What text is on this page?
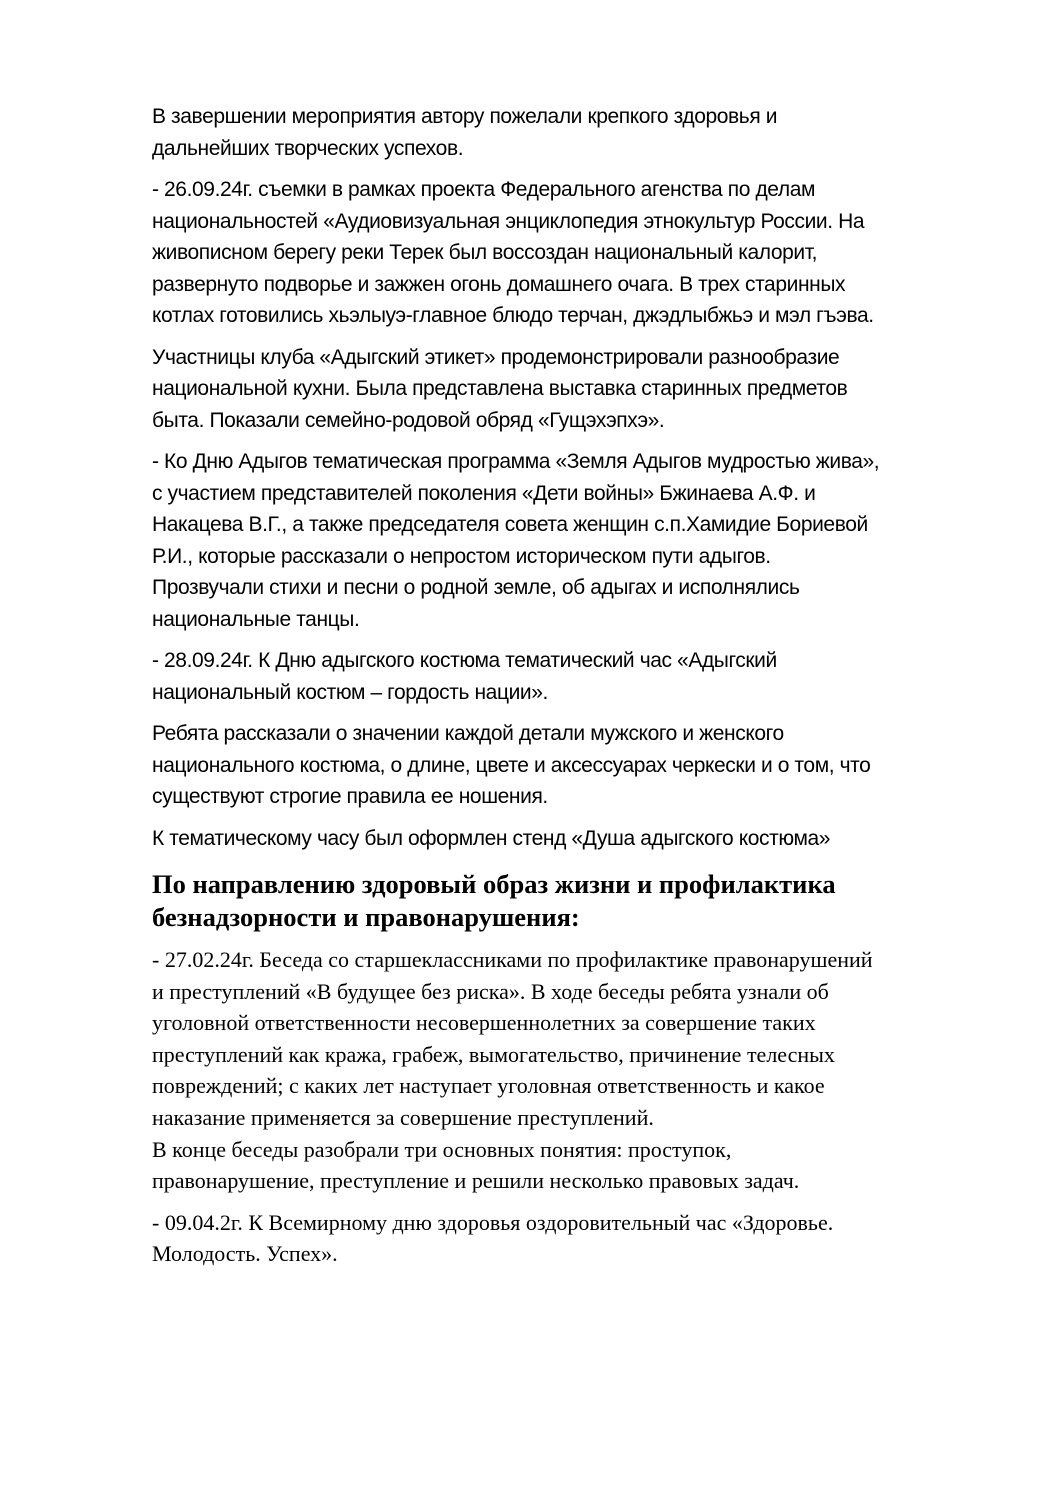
В завершении мероприятия автору пожелали крепкого здоровья и
дальнейших творческих успехов.

- 26.09.24г. съемки в рамках проекта Федерального агенства по делам
национальностей «Аудиовизуальная энциклопедия этнокультур России. На
живописном берегу реки Терек был воссоздан национальный калорит,
развернуто подворье и зажжен огонь домашнего очага. В трех старинных
котлах готовились хьэлыуэ-главное блюдо терчан, джэдлыбжьэ и мэл гъэва.

Участницы клуба «Адыгский этикет» продемонстрировали разнообразие
национальной кухни. Была представлена выставка старинных предметов
быта. Показали семейно-родовой обряд «Гущэхэпхэ».

- Ко Дню Адыгов тематическая программа «Земля Адыгов мудростью жива»,
с участием представителей поколения «Дети войны» Бжинаева А.Ф. и
Накацева В.Г., а также председателя совета женщин с.п.Хамидие Бориевой
Р.И., которые рассказали о непростом историческом пути адыгов.
Прозвучали стихи и песни о родной земле, об адыгах и исполнялись
национальные танцы.

- 28.09.24г. К Дню адыгского костюма тематический час «Адыгский
национальный костюм – гордость нации».

Ребята рассказали о значении каждой детали мужского и женского
национального костюма, о длине, цвете и аксессуарах черкески и о том, что
существуют строгие правила ее ношения.

К тематическому часу был оформлен стенд «Душа адыгского костюма»

По направлению здоровый образ жизни и профилактика
безнадзорности и правонарушения:

- 27.02.24г. Беседа со старшеклассниками по профилактике правонарушений
и преступлений «В будущее без риска». В ходе беседы ребята узнали об
уголовной ответственности несовершеннолетних за совершение таких
преступлений как кража, грабеж, вымогательство, причинение телесных
повреждений; с каких лет наступает уголовная ответственность и какое
наказание применяется за совершение преступлений.
В конце беседы разобрали три основных понятия: проступок,
правонарушение, преступление и решили несколько правовых задач.

- 09.04.2г. К Всемирному дню здоровья оздоровительный час «Здоровье.
Молодость. Успех».
